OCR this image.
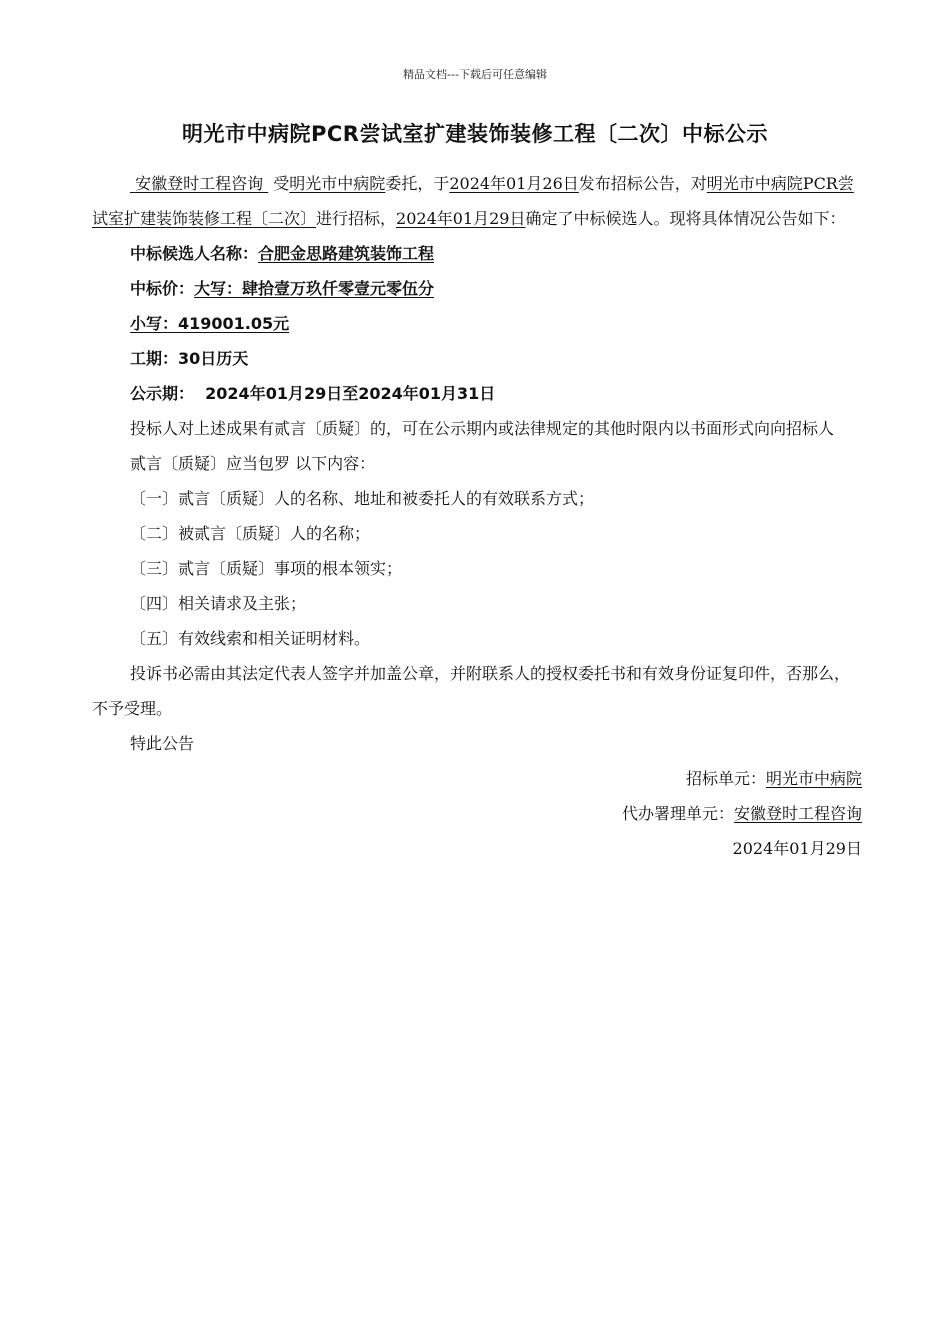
精品文档---下载后可任意编辑
明光市中病院PCR尝试室扩建装饰装修工程〔二次〕中标公示

安徽登时工程咨询  受明光市中病院委托，于2024年01月26日发布招标公告，对明光市中病院PCR尝试室扩建装饰装修工程〔二次〕进行招标，2024年01月29日确定了中标候选人。现将具体情况公告如下：

中标候选人名称：合肥金思路建筑装饰工程

中标价：大写：肆拾壹万玖仟零壹元零伍分

小写：419001.05元

工期：30日历天

公示期： 2024年01月29日至2024年01月31日

投标人对上述成果有贰言〔质疑〕的，可在公示期内或法律规定的其他时限内以书面形式向向招标人

贰言〔质疑〕应当包罗 以下内容：

〔一〕贰言〔质疑〕人的名称、地址和被委托人的有效联系方式；

〔二〕被贰言〔质疑〕人的名称；

〔三〕贰言〔质疑〕事项的根本领实；

〔四〕相关请求及主张；

〔五〕有效线索和相关证明材料。

投诉书必需由其法定代表人签字并加盖公章，并附联系人的授权委托书和有效身份证复印件，否那么，不予受理。

特此公告

招标单元：明光市中病院

代办署理单元：安徽登时工程咨询

2024年01月29日
